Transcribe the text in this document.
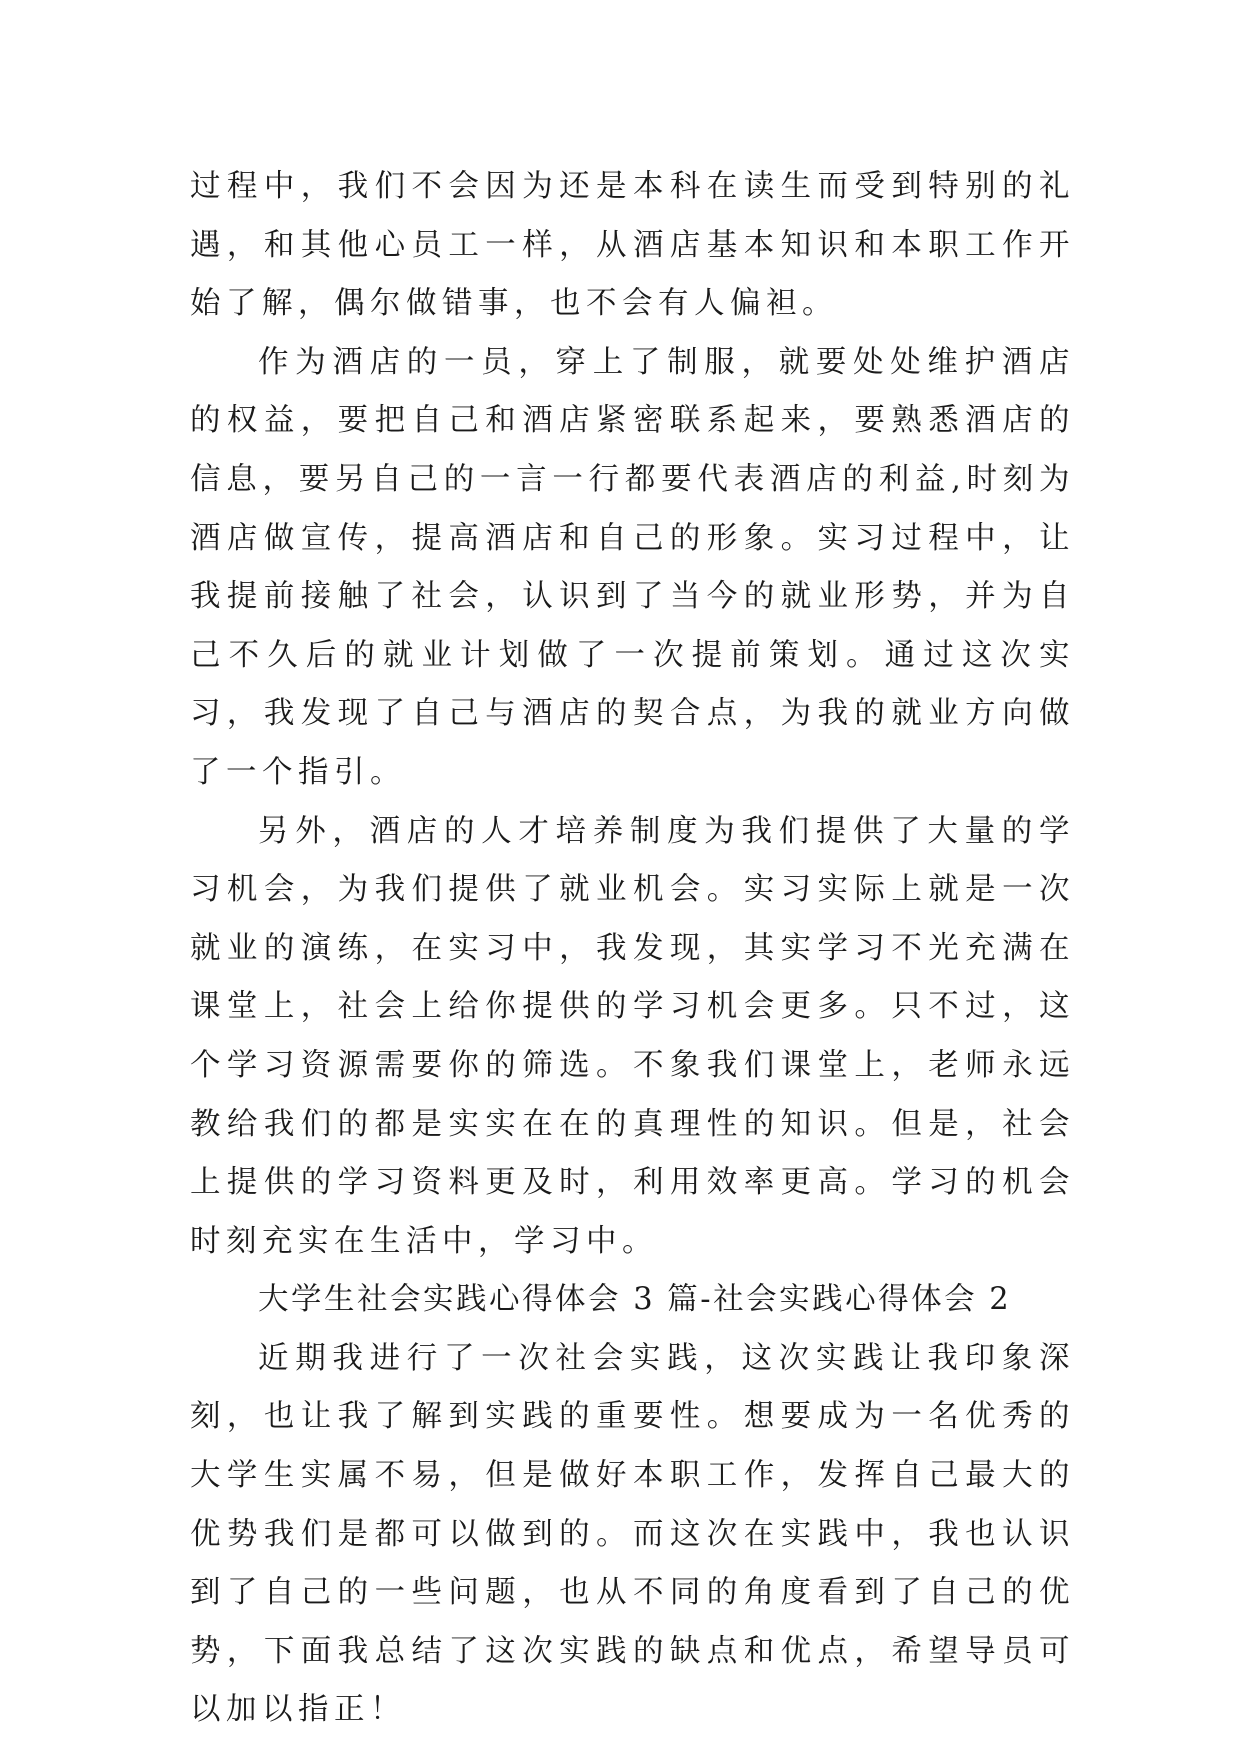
过程中，我们不会因为还是本科在读生而受到特别的礼遇，和其他心员工一样，从酒店基本知识和本职工作开始了解，偶尔做错事，也不会有人偏袒。

作为酒店的一员，穿上了制服，就要处处维护酒店的权益，要把自己和酒店紧密联系起来，要熟悉酒店的信息，要另自己的一言一行都要代表酒店的利益,时刻为酒店做宣传，提高酒店和自己的形象。实习过程中，让我提前接触了社会，认识到了当今的就业形势，并为自己不久后的就业计划做了一次提前策划。通过这次实习，我发现了自己与酒店的契合点，为我的就业方向做了一个指引。

另外，酒店的人才培养制度为我们提供了大量的学习机会，为我们提供了就业机会。实习实际上就是一次就业的演练，在实习中，我发现，其实学习不光充满在课堂上，社会上给你提供的学习机会更多。只不过，这个学习资源需要你的筛选。不象我们课堂上，老师永远教给我们的都是实实在在的真理性的知识。但是，社会上提供的学习资料更及时，利用效率更高。学习的机会时刻充实在生活中，学习中。

大学生社会实践心得体会 3 篇-社会实践心得体会 2

近期我进行了一次社会实践，这次实践让我印象深刻，也让我了解到实践的重要性。想要成为一名优秀的大学生实属不易，但是做好本职工作，发挥自己最大的优势我们是都可以做到的。而这次在实践中，我也认识到了自己的一些问题，也从不同的角度看到了自己的优势，下面我总结了这次实践的缺点和优点，希望导员可以加以指正！
